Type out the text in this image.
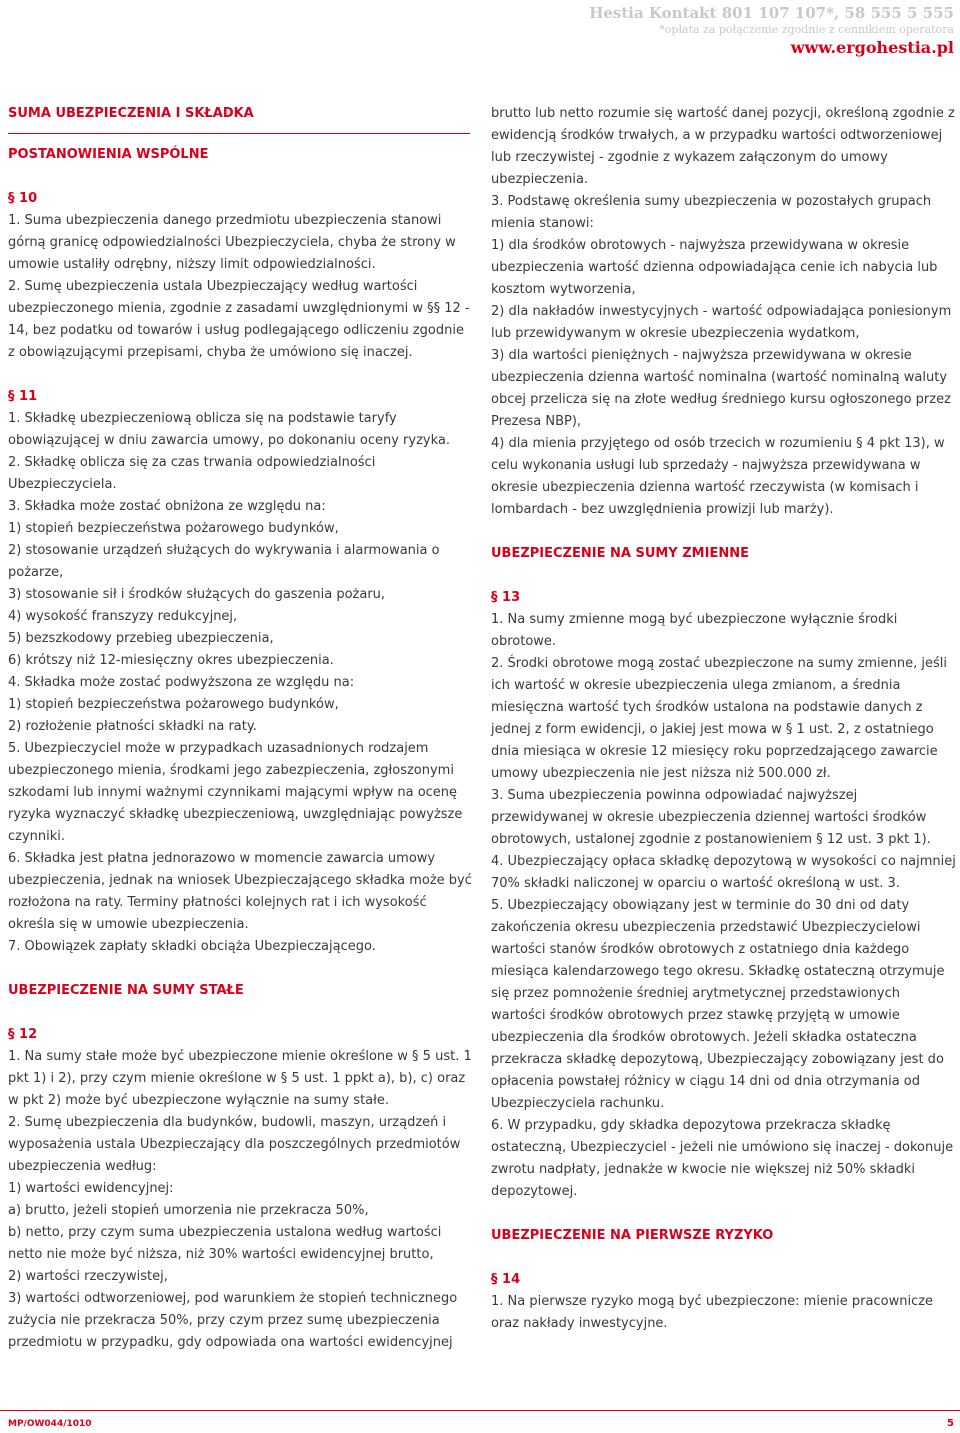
Hestia Kontakt 801 107 107*, 58 555 5 555
*opłata za połączenie zgodnie z cennikiem operatora
www.ergohestia.pl

SUMA UBEZPIECZENIA I SKŁADKA

POSTANOWIENIA WSPÓLNE

§ 10

1. Suma ubezpieczenia danego przedmiotu ubezpieczenia stanowi górną granicę odpowiedzialności Ubezpieczyciela, chyba że strony w umowie ustaliły odrębny, niższy limit odpowiedzialności.

2. Sumę ubezpieczenia ustala Ubezpieczający według wartości ubezpieczonego mienia, zgodnie z zasadami uwzględnionymi w §§ 12 - 14, bez podatku od towarów i usług podlegającego odliczeniu zgodnie z obowiązującymi przepisami, chyba że umówiono się inaczej.

§ 11

1. Składkę ubezpieczeniową oblicza się na podstawie taryfy obowiązującej w dniu zawarcia umowy, po dokonaniu oceny ryzyka.

2. Składkę oblicza się za czas trwania odpowiedzialności Ubezpieczyciela.

3. Składka może zostać obniżona ze względu na:

1) stopień bezpieczeństwa pożarowego budynków,

2) stosowanie urządzeń służących do wykrywania i alarmowania o pożarze,

3) stosowanie sił i środków służących do gaszenia pożaru,

4) wysokość franszyzy redukcyjnej,

5) bezszkodowy przebieg ubezpieczenia,

6) krótszy niż 12-miesięczny okres ubezpieczenia.

4. Składka może zostać podwyższona ze względu na:

1) stopień bezpieczeństwa pożarowego budynków,

2) rozłożenie płatności składki na raty.

5. Ubezpieczyciel może w przypadkach uzasadnionych rodzajem ubezpieczonego mienia, środkami jego zabezpieczenia, zgłoszonymi szkodami lub innymi ważnymi czynnikami mającymi wpływ na ocenę ryzyka wyznaczyć składkę ubezpieczeniową, uwzględniając powyższe czynniki.

6. Składka jest płatna jednorazowo w momencie zawarcia umowy ubezpieczenia, jednak na wniosek Ubezpieczającego składka może być rozłożona na raty. Terminy płatności kolejnych rat i ich wysokość określa się w umowie ubezpieczenia.

7. Obowiązek zapłaty składki obciąża Ubezpieczającego.

UBEZPIECZENIE NA SUMY STAŁE

§ 12

1. Na sumy stałe może być ubezpieczone mienie określone w § 5 ust. 1 pkt 1) i 2), przy czym mienie określone w § 5 ust. 1 ppkt a), b), c) oraz w pkt 2) może być ubezpieczone wyłącznie na sumy stałe.

2. Sumę ubezpieczenia dla budynków, budowli, maszyn, urządzeń i wyposażenia ustala Ubezpieczający dla poszczególnych przedmiotów ubezpieczenia według:

1) wartości ewidencyjnej:

a) brutto, jeżeli stopień umorzenia nie przekracza 50%,

b) netto, przy czym suma ubezpieczenia ustalona według wartości netto nie może być niższa, niż 30% wartości ewidencyjnej brutto,

2) wartości rzeczywistej,

3) wartości odtworzeniowej, pod warunkiem że stopień technicznego zużycia nie przekracza 50%, przy czym przez sumę ubezpieczenia przedmiotu w przypadku, gdy odpowiada ona wartości ewidencyjnej

brutto lub netto rozumie się wartość danej pozycji, określoną zgodnie z ewidencją środków trwałych, a w przypadku wartości odtworzeniowej lub rzeczywistej - zgodnie z wykazem załączonym do umowy ubezpieczenia.

3. Podstawę określenia sumy ubezpieczenia w pozostałych grupach mienia stanowi:

1) dla środków obrotowych - najwyższa przewidywana w okresie ubezpieczenia wartość dzienna odpowiadająca cenie ich nabycia lub kosztom wytworzenia,

2) dla nakładów inwestycyjnych - wartość odpowiadająca poniesionym lub przewidywanym w okresie ubezpieczenia wydatkom,

3) dla wartości pieniężnych - najwyższa przewidywana w okresie ubezpieczenia dzienna wartość nominalna (wartość nominalną waluty obcej przelicza się na złote według średniego kursu ogłoszonego przez Prezesa NBP),

4) dla mienia przyjętego od osób trzecich w rozumieniu § 4 pkt 13), w celu wykonania usługi lub sprzedaży - najwyższa przewidywana w okresie ubezpieczenia dzienna wartość rzeczywista (w komisach i lombardach - bez uwzględnienia prowizji lub marży).

UBEZPIECZENIE NA SUMY ZMIENNE

§ 13

1. Na sumy zmienne mogą być ubezpieczone wyłącznie środki obrotowe.

2. Środki obrotowe mogą zostać ubezpieczone na sumy zmienne, jeśli ich wartość w okresie ubezpieczenia ulega zmianom, a średnia miesięczna wartość tych środków ustalona na podstawie danych z jednej z form ewidencji, o jakiej jest mowa w § 1 ust. 2, z ostatniego dnia miesiąca w okresie 12 miesięcy roku poprzedzającego zawarcie umowy ubezpieczenia nie jest niższa niż 500.000 zł.

3. Suma ubezpieczenia powinna odpowiadać najwyższej przewidywanej w okresie ubezpieczenia dziennej wartości środków obrotowych, ustalonej zgodnie z postanowieniem § 12 ust. 3 pkt 1).

4. Ubezpieczający opłaca składkę depozytową w wysokości co najmniej 70% składki naliczonej w oparciu o wartość określoną w ust. 3.

5. Ubezpieczający obowiązany jest w terminie do 30 dni od daty zakończenia okresu ubezpieczenia przedstawić Ubezpieczycielowi wartości stanów środków obrotowych z ostatniego dnia każdego miesiąca kalendarzowego tego okresu. Składkę ostateczną otrzymuje się przez pomnożenie średniej arytmetycznej przedstawionych wartości środków obrotowych przez stawkę przyjętą w umowie ubezpieczenia dla środków obrotowych. Jeżeli składka ostateczna przekracza składkę depozytową, Ubezpieczający zobowiązany jest do opłacenia powstałej różnicy w ciągu 14 dni od dnia otrzymania od Ubezpieczyciela rachunku.

6. W przypadku, gdy składka depozytowa przekracza składkę ostateczną, Ubezpieczyciel - jeżeli nie umówiono się inaczej - dokonuje zwrotu nadpłaty, jednakże w kwocie nie większej niż 50% składki depozytowej.

UBEZPIECZENIE NA PIERWSZE RYZYKO

§ 14

1. Na pierwsze ryzyko mogą być ubezpieczone: mienie pracownicze oraz nakłady inwestycyjne.

MP/OW044/1010	5
